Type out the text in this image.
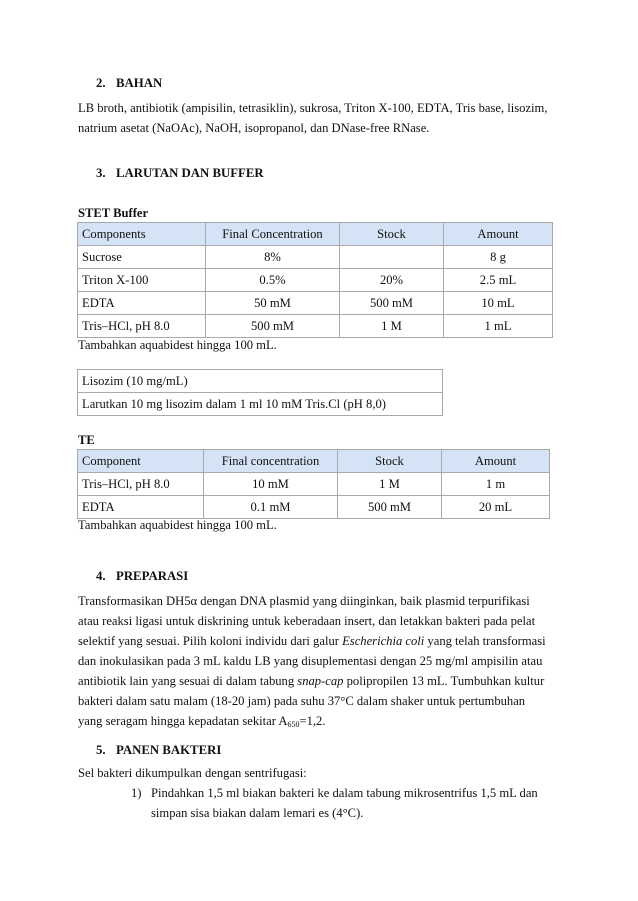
2. BAHAN
LB broth, antibiotik (ampisilin, tetrasiklin), sukrosa, Triton X-100, EDTA, Tris base, lisozim,
natrium asetat (NaOAc), NaOH, isopropanol, dan DNase-free RNase.
3. LARUTAN DAN BUFFER
STET Buffer
Components	Final Concentration	Stock	Amount
Sucrose	8%		8 g
Triton X-100	0.5%	20%	2.5 mL
EDTA	50 mM	500 mM	10 mL
Tris–HCl, pH 8.0	500 mM	1 M	1 mL
Tambahkan aquabidest hingga 100 mL.
Lisozim (10 mg/mL)
Larutkan 10 mg lisozim dalam 1 ml 10 mM Tris.Cl (pH 8,0)
TE
Component	Final concentration	Stock	Amount
Tris–HCl, pH 8.0	10 mM	1 M	1 m
EDTA	0.1 mM	500 mM	20 mL
Tambahkan aquabidest hingga 100 mL.
4. PREPARASI
Transformasikan DH5α dengan DNA plasmid yang diinginkan, baik plasmid terpurifikasi
atau reaksi ligasi untuk diskrining untuk keberadaan insert, dan letakkan bakteri pada pelat
selektif yang sesuai. Pilih koloni individu dari galur Escherichia coli yang telah transformasi
dan inokulasikan pada 3 mL kaldu LB yang disuplementasi dengan 25 mg/ml ampisilin atau
antibiotik lain yang sesuai di dalam tabung snap-cap polipropilen 13 mL. Tumbuhkan kultur
bakteri dalam satu malam (18-20 jam) pada suhu 37°C dalam shaker untuk pertumbuhan
yang seragam hingga kepadatan sekitar $A_{650}=1,2$.
5. PANEN BAKTERI
Sel bakteri dikumpulkan dengan sentrifugasi:
1) Pindahkan 1,5 ml biakan bakteri ke dalam tabung mikrosentrifus 1,5 mL dan
simpan sisa biakan dalam lemari es (4°C).
